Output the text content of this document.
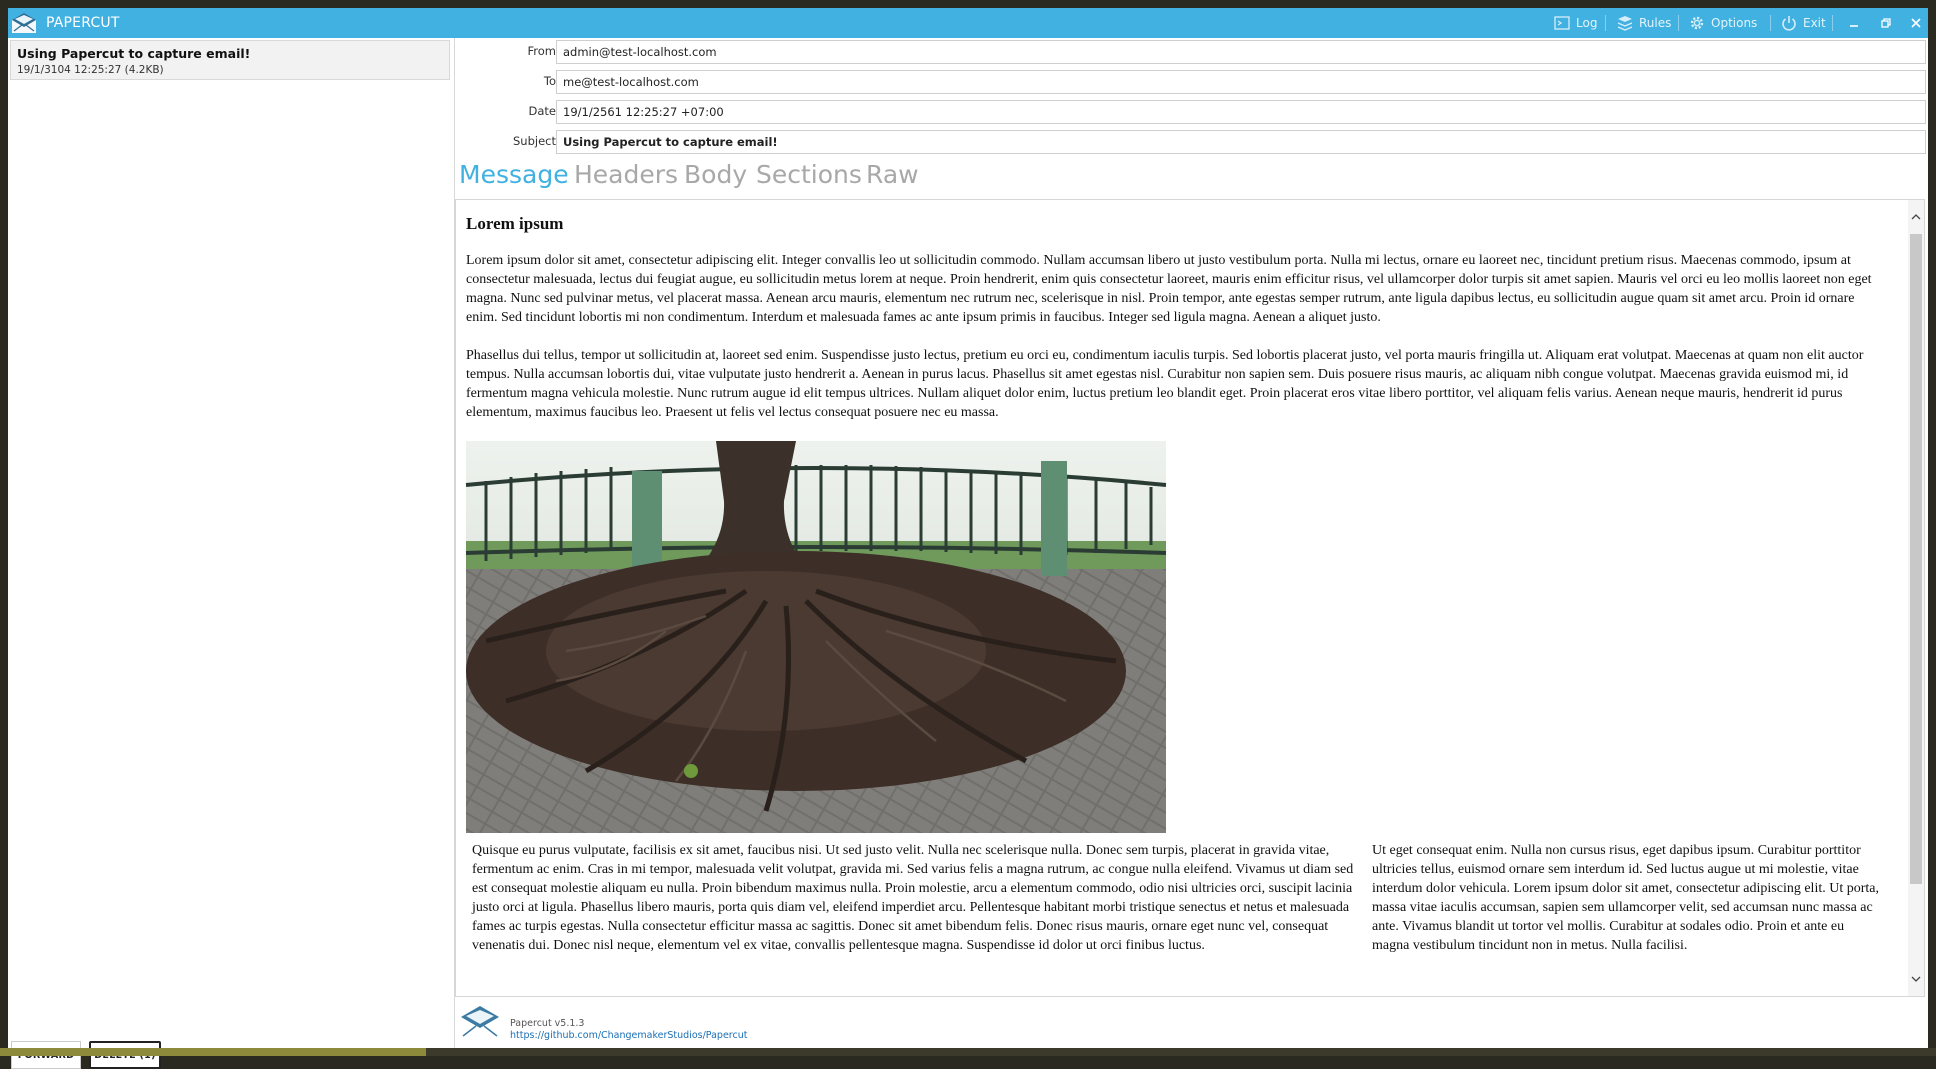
PAPERCUT	Log	Rules	Options	Exit
Using Papercut to capture email!
19/1/3104 12:25:27 (4.2KB)
From admin@test-localhost.com
To me@test-localhost.com
Date 19/1/2561 12:25:27 +07:00
Subject Using Papercut to capture email!
Message Headers Body Sections Raw
Lorem ipsum

Lorem ipsum dolor sit amet, consectetur adipiscing elit. Integer convallis leo ut sollicitudin commodo. Nullam accumsan libero ut justo vestibulum porta. Nulla mi lectus, ornare eu laoreet nec, tincidunt pretium risus. Maecenas commodo, ipsum at consectetur malesuada, lectus dui feugiat augue, eu sollicitudin metus lorem at neque. Proin hendrerit, enim quis consectetur laoreet, mauris enim efficitur risus, vel ullamcorper dolor turpis sit amet sapien. Mauris vel orci eu leo mollis laoreet non eget magna. Nunc sed pulvinar metus, vel placerat massa. Aenean arcu mauris, elementum nec rutrum nec, scelerisque in nisl. Proin tempor, ante egestas semper rutrum, ante ligula dapibus lectus, eu sollicitudin augue quam sit amet arcu. Proin id ornare enim. Sed tincidunt lobortis mi non condimentum. Interdum et malesuada fames ac ante ipsum primis in faucibus. Integer sed ligula magna. Aenean a aliquet justo.

Phasellus dui tellus, tempor ut sollicitudin at, laoreet sed enim. Suspendisse justo lectus, pretium eu orci eu, condimentum iaculis turpis. Sed lobortis placerat justo, vel porta mauris fringilla ut. Aliquam erat volutpat. Maecenas at quam non elit auctor tempus. Nulla accumsan lobortis dui, vitae vulputate justo hendrerit a. Aenean in purus lacus. Phasellus sit amet egestas nisl. Curabitur non sapien sem. Duis posuere risus mauris, ac aliquam nibh congue volutpat. Maecenas gravida euismod mi, id fermentum magna vehicula molestie. Nunc rutrum augue id elit tempus ultrices. Nullam aliquet dolor enim, luctus pretium leo blandit eget. Proin placerat eros vitae libero porttitor, vel aliquam felis varius. Aenean neque mauris, hendrerit id purus elementum, maximus faucibus leo. Praesent ut felis vel lectus consequat posuere nec eu massa.

Quisque eu purus vulputate, facilisis ex sit amet, faucibus nisi. Ut sed justo velit. Nulla nec scelerisque nulla. Donec sem turpis, placerat in gravida vitae, fermentum ac enim. Cras in mi tempor, malesuada velit volutpat, gravida mi. Sed varius felis a magna rutrum, ac congue nulla eleifend. Vivamus ut diam sed est consequat molestie aliquam eu nulla. Proin bibendum maximus nulla. Proin molestie, arcu a elementum commodo, odio nisi ultricies orci, suscipit lacinia justo orci at ligula. Phasellus libero mauris, porta quis diam vel, eleifend imperdiet arcu. Pellentesque habitant morbi tristique senectus et netus et malesuada fames ac turpis egestas. Nulla consectetur efficitur massa ac sagittis. Donec sit amet bibendum felis. Donec risus mauris, ornare eget nunc vel, consequat venenatis dui. Donec nisl neque, elementum vel ex vitae, convallis pellentesque magna. Suspendisse id dolor ut orci finibus luctus.
Ut eget consequat enim. Nulla non cursus risus, eget dapibus ipsum. Curabitur porttitor ultricies tellus, euismod ornare sem interdum id. Sed luctus augue ut mi molestie, vitae interdum dolor vehicula. Lorem ipsum dolor sit amet, consectetur adipiscing elit. Ut porta, massa vitae iaculis accumsan, sapien sem ullamcorper velit, sed accumsan nunc massa ac ante. Vivamus blandit ut tortor vel mollis. Curabitur at sodales odio. Proin et ante eu magna vestibulum tincidunt non in metus. Nulla facilisi.
Papercut v5.1.3
https://github.com/ChangemakerStudios/Papercut
